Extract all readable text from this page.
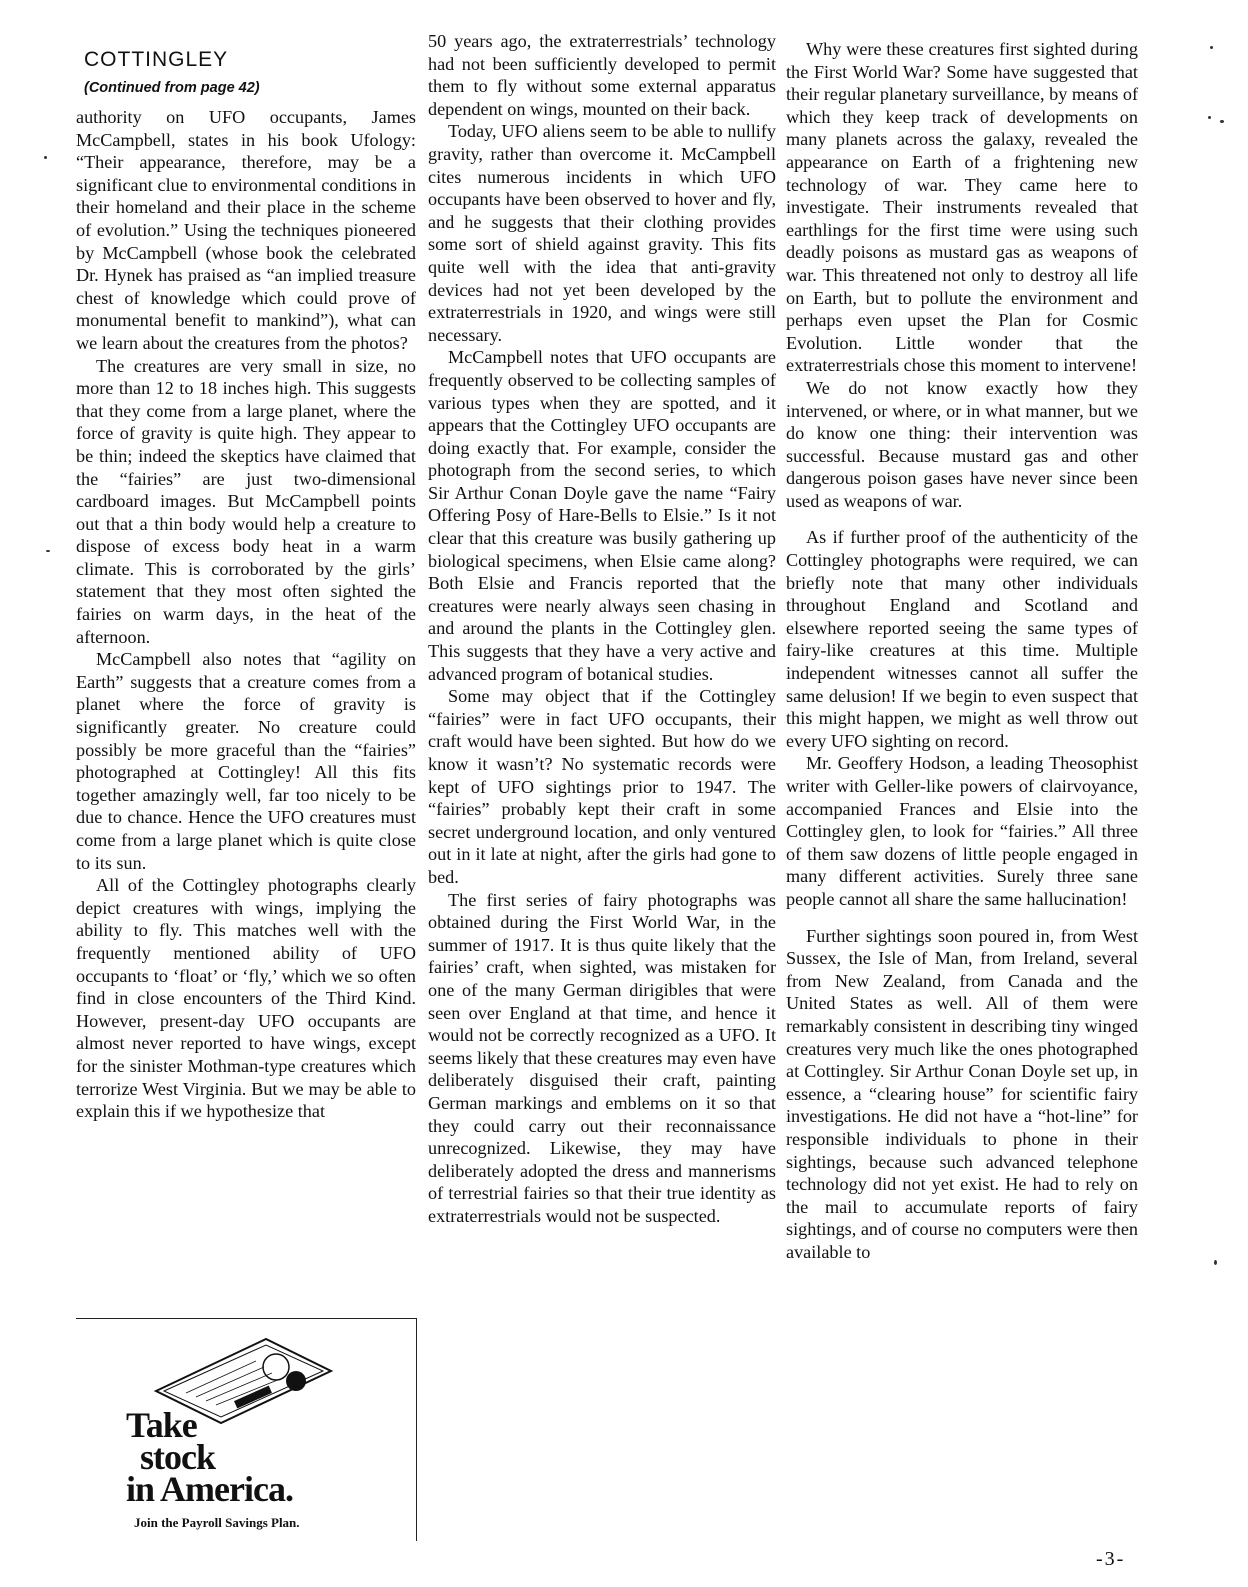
COTTINGLEY
(Continued from page 42)

authority on UFO occupants, James McCampbell, states in his book Ufology: “Their appearance, therefore, may be a significant clue to environmental conditions in their homeland and their place in the scheme of evolution.” Using the techniques pioneered by McCampbell (whose book the celebrated Dr. Hynek has praised as “an implied treasure chest of knowledge which could prove of monumental benefit to mankind”), what can we learn about the creatures from the photos?

The creatures are very small in size, no more than 12 to 18 inches high. This suggests that they come from a large planet, where the force of gravity is quite high. They appear to be thin; indeed the skeptics have claimed that the “fairies” are just two-dimensional cardboard images. But McCampbell points out that a thin body would help a creature to dispose of excess body heat in a warm climate. This is corroborated by the girls’ statement that they most often sighted the fairies on warm days, in the heat of the afternoon.

McCampbell also notes that “agility on Earth” suggests that a creature comes from a planet where the force of gravity is significantly greater. No creature could possibly be more graceful than the “fairies” photographed at Cottingley! All this fits together amazingly well, far too nicely to be due to chance. Hence the UFO creatures must come from a large planet which is quite close to its sun.

All of the Cottingley photographs clearly depict creatures with wings, implying the ability to fly. This matches well with the frequently mentioned ability of UFO occupants to ‘float’ or ‘fly,’ which we so often find in close encounters of the Third Kind. However, present-day UFO occupants are almost never reported to have wings, except for the sinister Mothman-type creatures which terrorize West Virginia. But we may be able to explain this if we hypothesize that

Take
stock
in America.
Join the Payroll Savings Plan.

50 years ago, the extraterrestrials’ technology had not been sufficiently developed to permit them to fly without some external apparatus dependent on wings, mounted on their back.

Today, UFO aliens seem to be able to nullify gravity, rather than overcome it. McCampbell cites numerous incidents in which UFO occupants have been observed to hover and fly, and he suggests that their clothing provides some sort of shield against gravity. This fits quite well with the idea that anti-gravity devices had not yet been developed by the extraterrestrials in 1920, and wings were still necessary.

McCampbell notes that UFO occupants are frequently observed to be collecting samples of various types when they are spotted, and it appears that the Cottingley UFO occupants are doing exactly that. For example, consider the photograph from the second series, to which Sir Arthur Conan Doyle gave the name “Fairy Offering Posy of Hare-Bells to Elsie.” Is it not clear that this creature was busily gathering up biological specimens, when Elsie came along? Both Elsie and Francis reported that the creatures were nearly always seen chasing in and around the plants in the Cottingley glen. This suggests that they have a very active and advanced program of botanical studies.

Some may object that if the Cottingley “fairies” were in fact UFO occupants, their craft would have been sighted. But how do we know it wasn’t? No systematic records were kept of UFO sightings prior to 1947. The “fairies” probably kept their craft in some secret underground location, and only ventured out in it late at night, after the girls had gone to bed.

The first series of fairy photographs was obtained during the First World War, in the summer of 1917. It is thus quite likely that the fairies’ craft, when sighted, was mistaken for one of the many German dirigibles that were seen over England at that time, and hence it would not be correctly recognized as a UFO. It seems likely that these creatures may even have deliberately disguised their craft, painting German markings and emblems on it so that they could carry out their reconnaissance unrecognized. Likewise, they may have deliberately adopted the dress and mannerisms of terrestrial fairies so that their true identity as extraterrestrials would not be suspected.

Why were these creatures first sighted during the First World War? Some have suggested that their regular planetary surveillance, by means of which they keep track of developments on many planets across the galaxy, revealed the appearance on Earth of a frightening new technology of war. They came here to investigate. Their instruments revealed that earthlings for the first time were using such deadly poisons as mustard gas as weapons of war. This threatened not only to destroy all life on Earth, but to pollute the environment and perhaps even upset the Plan for Cosmic Evolution. Little wonder that the extraterrestrials chose this moment to intervene!

We do not know exactly how they intervened, or where, or in what manner, but we do know one thing: their intervention was successful. Because mustard gas and other dangerous poison gases have never since been used as weapons of war.

As if further proof of the authenticity of the Cottingley photographs were required, we can briefly note that many other individuals throughout England and Scotland and elsewhere reported seeing the same types of fairy-like creatures at this time. Multiple independent witnesses cannot all suffer the same delusion! If we begin to even suspect that this might happen, we might as well throw out every UFO sighting on record.

Mr. Geoffery Hodson, a leading Theosophist writer with Geller-like powers of clairvoyance, accompanied Frances and Elsie into the Cottingley glen, to look for “fairies.” All three of them saw dozens of little people engaged in many different activities. Surely three sane people cannot all share the same hallucination!

Further sightings soon poured in, from West Sussex, the Isle of Man, from Ireland, several from New Zealand, from Canada and the United States as well. All of them were remarkably consistent in describing tiny winged creatures very much like the ones photographed at Cottingley. Sir Arthur Conan Doyle set up, in essence, a “clearing house” for scientific fairy investigations. He did not have a “hot-line” for responsible individuals to phone in their sightings, because such advanced telephone technology did not yet exist. He had to rely on the mail to accumulate reports of fairy sightings, and of course no computers were then available to

-3-
